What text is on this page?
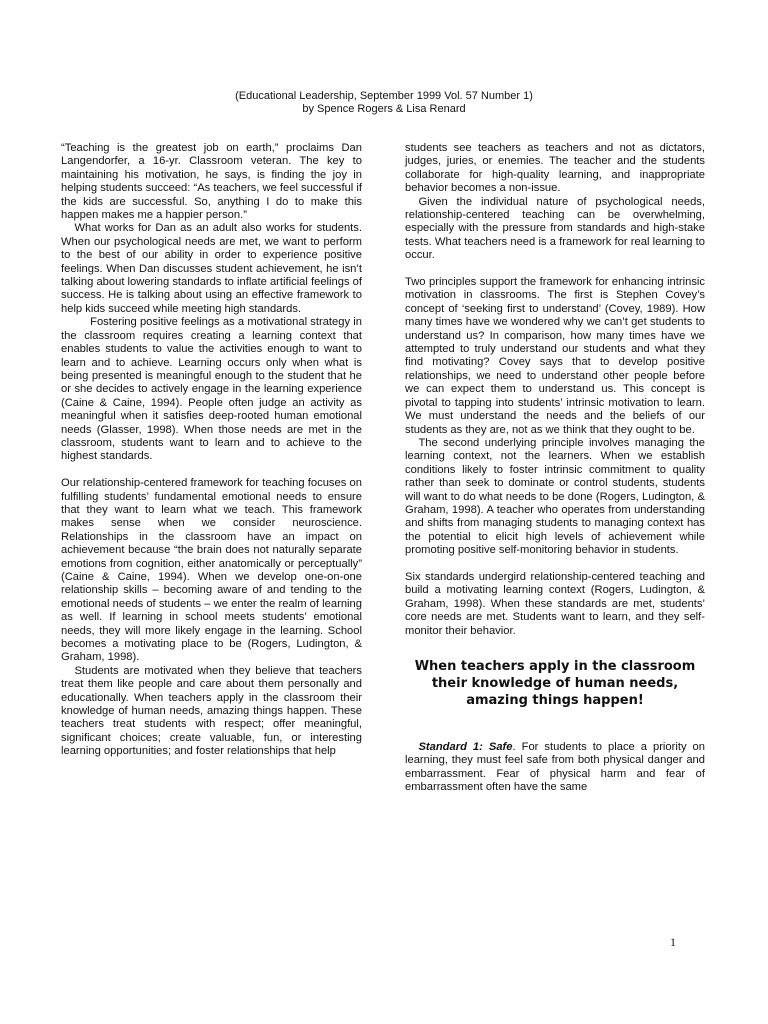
(Educational Leadership, September 1999 Vol. 57 Number 1)
by Spence Rogers & Lisa Renard

“Teaching is the greatest job on earth,” proclaims Dan Langendorfer, a 16-yr. Classroom veteran. The key to maintaining his motivation, he says, is finding the joy in helping students succeed: “As teachers, we feel successful if the kids are successful. So, anything I do to make this happen makes me a happier person.”

What works for Dan as an adult also works for students. When our psychological needs are met, we want to perform to the best of our ability in order to experience positive feelings. When Dan discusses student achievement, he isn’t talking about lowering standards to inflate artificial feelings of success. He is talking about using an effective framework to help kids succeed while meeting high standards.

Fostering positive feelings as a motivational strategy in the classroom requires creating a learning context that enables students to value the activities enough to want to learn and to achieve. Learning occurs only when what is being presented is meaningful enough to the student that he or she decides to actively engage in the learning experience (Caine & Caine, 1994). People often judge an activity as meaningful when it satisfies deep-rooted human emotional needs (Glasser, 1998). When those needs are met in the classroom, students want to learn and to achieve to the highest standards.

Our relationship-centered framework for teaching focuses on fulfilling students’ fundamental emotional needs to ensure that they want to learn what we teach. This framework makes sense when we consider neuroscience. Relationships in the classroom have an impact on achievement because “the brain does not naturally separate emotions from cognition, either anatomically or perceptually” (Caine & Caine, 1994). When we develop one-on-one relationship skills – becoming aware of and tending to the emotional needs of students – we enter the realm of learning as well. If learning in school meets students’ emotional needs, they will more likely engage in the learning. School becomes a motivating place to be (Rogers, Ludington, & Graham, 1998).

Students are motivated when they believe that teachers treat them like people and care about them personally and educationally. When teachers apply in the classroom their knowledge of human needs, amazing things happen. These teachers treat students with respect; offer meaningful, significant choices; create valuable, fun, or interesting learning opportunities; and foster relationships that help

students see teachers as teachers and not as dictators, judges, juries, or enemies. The teacher and the students collaborate for high-quality learning, and inappropriate behavior becomes a non-issue.

Given the individual nature of psychological needs, relationship-centered teaching can be overwhelming, especially with the pressure from standards and high-stake tests. What teachers need is a framework for real learning to occur.

Two principles support the framework for enhancing intrinsic motivation in classrooms. The first is Stephen Covey’s concept of ‘seeking first to understand’ (Covey, 1989). How many times have we wondered why we can’t get students to understand us? In comparison, how many times have we attempted to truly understand our students and what they find motivating? Covey says that to develop positive relationships, we need to understand other people before we can expect them to understand us. This concept is pivotal to tapping into students’ intrinsic motivation to learn. We must understand the needs and the beliefs of our students as they are, not as we think that they ought to be.

The second underlying principle involves managing the learning context, not the learners. When we establish conditions likely to foster intrinsic commitment to quality rather than seek to dominate or control students, students will want to do what needs to be done (Rogers, Ludington, & Graham, 1998). A teacher who operates from understanding and shifts from managing students to managing context has the potential to elicit high levels of achievement while promoting positive self-monitoring behavior in students.

Six standards undergird relationship-centered teaching and build a motivating learning context (Rogers, Ludington, & Graham, 1998). When these standards are met, students’ core needs are met. Students want to learn, and they self-monitor their behavior.

When teachers apply in the classroom their knowledge of human needs, amazing things happen!

Standard 1: Safe. For students to place a priority on learning, they must feel safe from both physical danger and embarrassment. Fear of physical harm and fear of embarrassment often have the same

1
